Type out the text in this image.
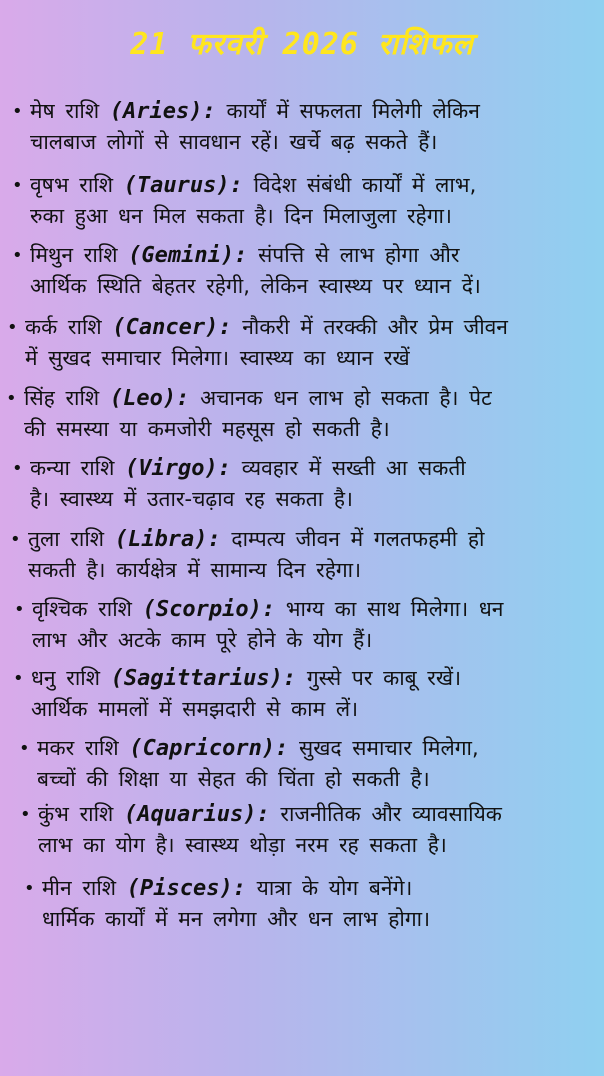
21 फरवरी 2026 राशिफल
• मेष राशि (Aries): कार्यों में सफलता मिलेगी लेकिन
चालबाज लोगों से सावधान रहें। खर्चे बढ़ सकते हैं।
• वृषभ राशि (Taurus): विदेश संबंधी कार्यों में लाभ,
रुका हुआ धन मिल सकता है। दिन मिलाजुला रहेगा।
• मिथुन राशि (Gemini): संपत्ति से लाभ होगा और
आर्थिक स्थिति बेहतर रहेगी, लेकिन स्वास्थ्य पर ध्यान दें।
• कर्क राशि (Cancer): नौकरी में तरक्की और प्रेम जीवन
में सुखद समाचार मिलेगा। स्वास्थ्य का ध्यान रखें
• सिंह राशि (Leo): अचानक धन लाभ हो सकता है। पेट
की समस्या या कमजोरी महसूस हो सकती है।
• कन्या राशि (Virgo): व्यवहार में सख्ती आ सकती
है। स्वास्थ्य में उतार-चढ़ाव रह सकता है।
• तुला राशि (Libra): दाम्पत्य जीवन में गलतफहमी हो
सकती है। कार्यक्षेत्र में सामान्य दिन रहेगा।
• वृश्चिक राशि (Scorpio): भाग्य का साथ मिलेगा। धन
लाभ और अटके काम पूरे होने के योग हैं।
• धनु राशि (Sagittarius): गुस्से पर काबू रखें।
आर्थिक मामलों में समझदारी से काम लें।
• मकर राशि (Capricorn): सुखद समाचार मिलेगा,
बच्चों की शिक्षा या सेहत की चिंता हो सकती है।
• कुंभ राशि (Aquarius): राजनीतिक और व्यावसायिक
लाभ का योग है। स्वास्थ्य थोड़ा नरम रह सकता है।
• मीन राशि (Pisces): यात्रा के योग बनेंगे।
धार्मिक कार्यों में मन लगेगा और धन लाभ होगा।
